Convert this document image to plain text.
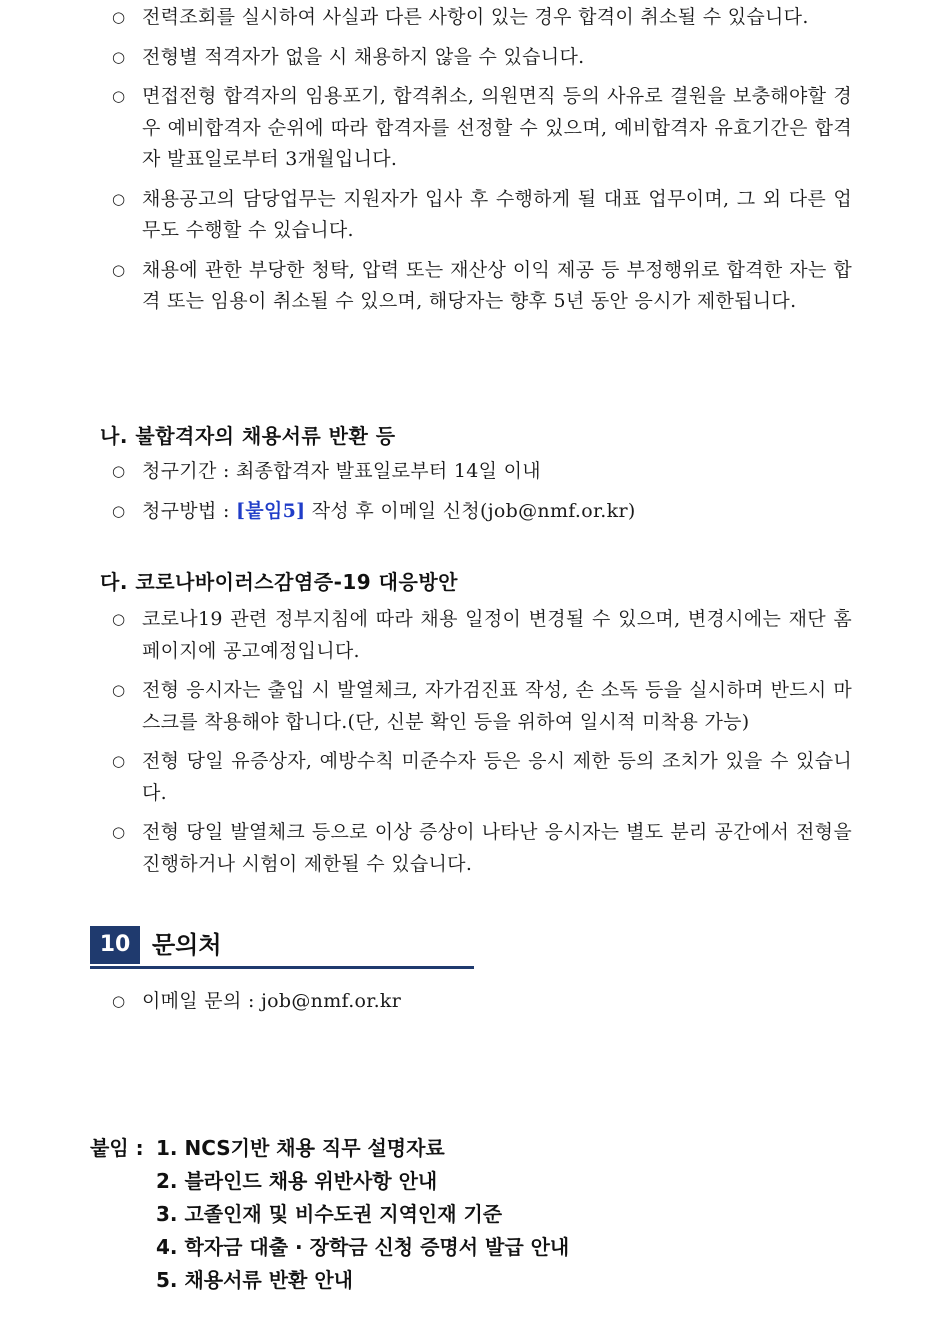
○ 전력조회를 실시하여 사실과 다른 사항이 있는 경우 합격이 취소될 수 있습니다.

○ 전형별 적격자가 없을 시 채용하지 않을 수 있습니다.

○ 면접전형 합격자의 임용포기, 합격취소, 의원면직 등의 사유로 결원을 보충해야할 경우 예비합격자 순위에 따라 합격자를 선정할 수 있으며, 예비합격자 유효기간은 합격자 발표일로부터 3개월입니다.

○ 채용공고의 담당업무는 지원자가 입사 후 수행하게 될 대표 업무이며, 그 외 다른 업무도 수행할 수 있습니다.

○ 채용에 관한 부당한 청탁, 압력 또는 재산상 이익 제공 등 부정행위로 합격한 자는 합격 또는 임용이 취소될 수 있으며, 해당자는 향후 5년 동안 응시가 제한됩니다.

나. 불합격자의 채용서류 반환 등

○ 청구기간 : 최종합격자 발표일로부터 14일 이내

○ 청구방법 : [붙임5] 작성 후 이메일 신청(job@nmf.or.kr)

다. 코로나바이러스감염증-19 대응방안

○ 코로나19 관련 정부지침에 따라 채용 일정이 변경될 수 있으며, 변경시에는 재단 홈페이지에 공고예정입니다.

○ 전형 응시자는 출입 시 발열체크, 자가검진표 작성, 손 소독 등을 실시하며 반드시 마스크를 착용해야 합니다.(단, 신분 확인 등을 위하여 일시적 미착용 가능)

○ 전형 당일 유증상자, 예방수칙 미준수자 등은 응시 제한 등의 조치가 있을 수 있습니다.

○ 전형 당일 발열체크 등으로 이상 증상이 나타난 응시자는 별도 분리 공간에서 전형을 진행하거나 시험이 제한될 수 있습니다.

10 문의처

○ 이메일 문의 : job@nmf.or.kr

붙임 : 1. NCS기반 채용 직무 설명자료
2. 블라인드 채용 위반사항 안내
3. 고졸인재 및 비수도권 지역인재 기준
4. 학자금 대출 · 장학금 신청 증명서 발급 안내
5. 채용서류 반환 안내
